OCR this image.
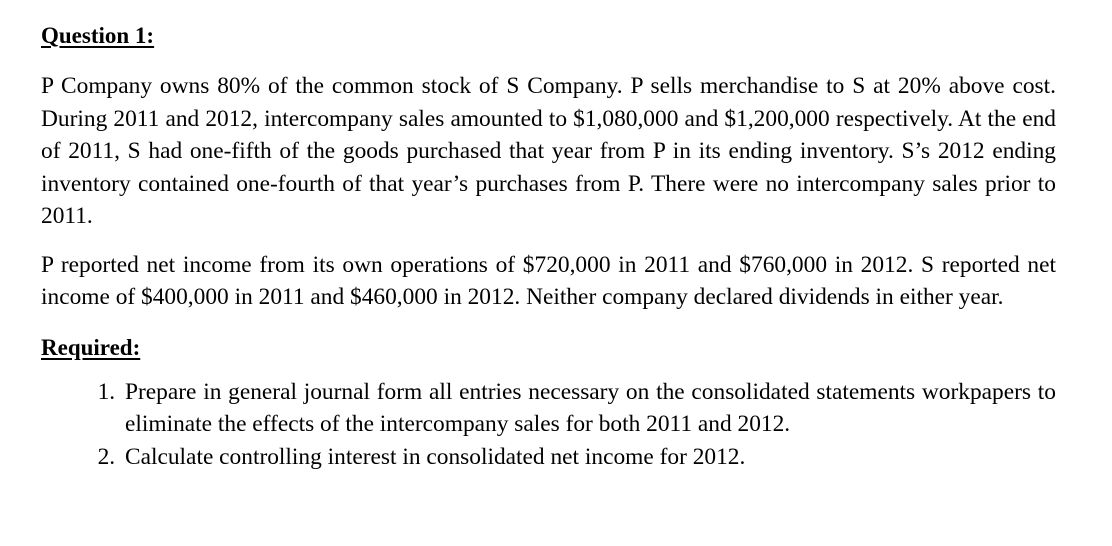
Question 1:

P Company owns 80% of the common stock of S Company. P sells merchandise to S at 20% above cost. During 2011 and 2012, intercompany sales amounted to $1,080,000 and $1,200,000 respectively. At the end of 2011, S had one-fifth of the goods purchased that year from P in its ending inventory. S’s 2012 ending inventory contained one-fourth of that year’s purchases from P. There were no intercompany sales prior to 2011.

P reported net income from its own operations of $720,000 in 2011 and $760,000 in 2012. S reported net income of $400,000 in 2011 and $460,000 in 2012. Neither company declared dividends in either year.

Required:
1. Prepare in general journal form all entries necessary on the consolidated statements workpapers to eliminate the effects of the intercompany sales for both 2011 and 2012.
2. Calculate controlling interest in consolidated net income for 2012.
